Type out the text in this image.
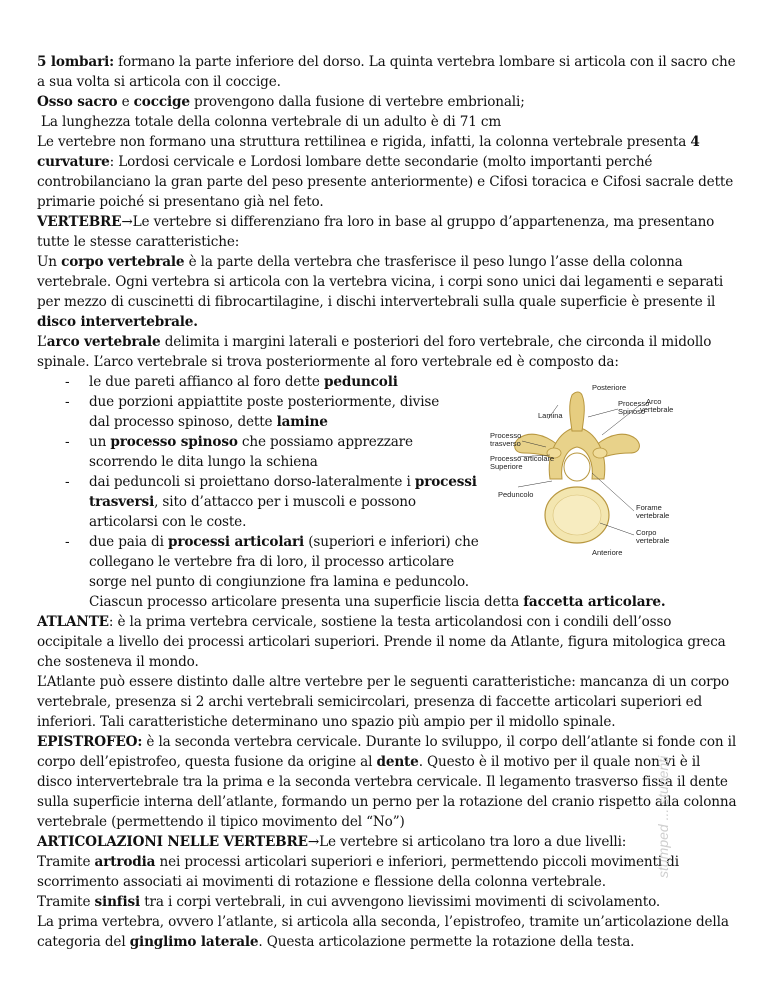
5 lombari: formano la parte inferiore del dorso. La quinta vertebra lombare si articola con il sacro che a sua volta si articola con il coccige.

Osso sacro e coccige provengono dalla fusione di vertebre embrionali;

La lunghezza totale della colonna vertebrale di un adulto è di 71 cm

Le vertebre non formano una struttura rettilinea e rigida, infatti, la colonna vertebrale presenta 4 curvature: Lordosi cervicale e Lordosi lombare dette secondarie (molto importanti perché controbilanciano la gran parte del peso presente anteriormente) e Cifosi toracica e Cifosi sacrale dette primarie poiché si presentano già nel feto.

VERTEBRE→Le vertebre si differenziano fra loro in base al gruppo d’appartenenza, ma presentano tutte le stesse caratteristiche:

Un corpo vertebrale è la parte della vertebra che trasferisce il peso lungo l’asse della colonna vertebrale. Ogni vertebra si articola con la vertebra vicina, i corpi sono unici dai legamenti e separati per mezzo di cuscinetti di fibrocartilagine, i dischi intervertebrali sulla quale superficie è presente il disco intervertebrale.

L’arco vertebrale delimita i margini laterali e posteriori del foro vertebrale, che circonda il midollo spinale. L’arco vertebrale si trova posteriormente al foro vertebrale ed è composto da:

- le due pareti affianco al foro dette peduncoli
- due porzioni appiattite poste posteriormente, divise dal processo spinoso, dette lamine
- un processo spinoso che possiamo apprezzare scorrendo le dita lungo la schiena
- dai peduncoli si proiettano dorso-lateralmente i processi trasversi, sito d’attacco per i muscoli e possono articolarsi con le coste.
- due paia di processi articolari (superiori e inferiori) che collegano le vertebre fra di loro, il processo articolare sorge nel punto di congiunzione fra lamina e peduncolo.

Ciascun processo articolare presenta una superficie liscia detta faccetta articolare.

ATLANTE: è la prima vertebra cervicale, sostiene la testa articolandosi con i condili dell’osso occipitale a livello dei processi articolari superiori. Prende il nome da Atlante, figura mitologica greca che sosteneva il mondo.

L’Atlante può essere distinto dalle altre vertebre per le seguenti caratteristiche: mancanza di un corpo vertebrale, presenza si 2 archi vertebrali semicircolari, presenza di faccette articolari superiori ed inferiori. Tali caratteristiche determinano uno spazio più ampio per il midollo spinale.

EPISTROFEO: è la seconda vertebra cervicale. Durante lo sviluppo, il corpo dell’atlante si fonde con il corpo dell’epistrofeo, questa fusione da origine al dente. Questo è il motivo per il quale non vi è il disco intervertebrale tra la prima e la seconda vertebra cervicale. Il legamento trasverso fissa il dente sulla superficie interna dell’atlante, formando un perno per la rotazione del cranio rispetto alla colonna vertebrale (permettendo il tipico movimento del “No”)

ARTICOLAZIONI NELLE VERTEBRE→Le vertebre si articolano tra loro a due livelli:

Tramite artrodia nei processi articolari superiori e inferiori, permettendo piccoli movimenti di scorrimento associati ai movimenti di rotazione e flessione della colonna vertebrale.

Tramite sinfisi tra i corpi vertebrali, in cui avvengono lievissimi movimenti di scivolamento.

La prima vertebra, ovvero l’atlante, si articola alla seconda, l’epistrofeo, tramite un’articolazione della categoria del ginglimo laterale. Questa articolazione permette la rotazione della testa.

Posteriore
Processo
Spinoso
Arco
vertebrale
Lamina
Processo
trasverso
Processo articolare
Superiore
Peduncolo
Forame
vertebrale
Corpo
vertebrale
Anteriore
stumped ... studenti
